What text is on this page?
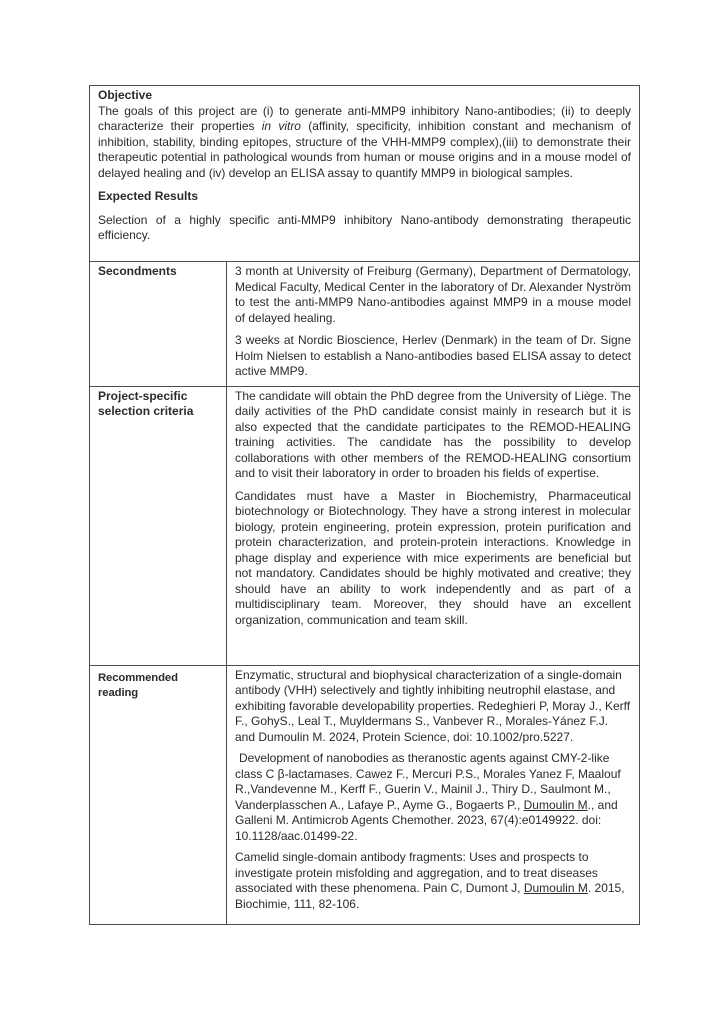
Objective

The goals of this project are (i) to generate anti-MMP9 inhibitory Nano-antibodies; (ii) to deeply characterize their properties in vitro (affinity, specificity, inhibition constant and mechanism of inhibition, stability, binding epitopes, structure of the VHH-MMP9 complex),(iii) to demonstrate their therapeutic potential in pathological wounds from human or mouse origins and in a mouse model of delayed healing and (iv) develop an ELISA assay to quantify MMP9 in biological samples.

Expected Results

Selection of a highly specific anti-MMP9 inhibitory Nano-antibody demonstrating therapeutic efficiency.	

Secondments	3 month at University of Freiburg (Germany), Department of Dermatology, Medical Faculty, Medical Center in the laboratory of Dr. Alexander Nyström to test the anti-MMP9 Nano-antibodies against MMP9 in a mouse model of delayed healing.

3 weeks at Nordic Bioscience, Herlev (Denmark) in the team of Dr. Signe Holm Nielsen to establish a Nano-antibodies based ELISA assay to detect active MMP9.

Project-specific selection criteria	The candidate will obtain the PhD degree from the University of Liège. The daily activities of the PhD candidate consist mainly in research but it is also expected that the candidate participates to the REMOD-HEALING training activities. The candidate has the possibility to develop collaborations with other members of the REMOD-HEALING consortium and to visit their laboratory in order to broaden his fields of expertise.

Candidates must have a Master in Biochemistry, Pharmaceutical biotechnology or Biotechnology. They have a strong interest in molecular biology, protein engineering, protein expression, protein purification and protein characterization, and protein-protein interactions. Knowledge in phage display and experience with mice experiments are beneficial but not mandatory. Candidates should be highly motivated and creative; they should have an ability to work independently and as part of a multidisciplinary team. Moreover, they should have an excellent organization, communication and team skill.

Recommended reading	Enzymatic, structural and biophysical characterization of a single-domain antibody (VHH) selectively and tightly inhibiting neutrophil elastase, and exhibiting favorable developability properties. Redeghieri P, Moray J., Kerff F., GohyS., Leal T., Muyldermans S., Vanbever R., Morales-Yánez F.J. and Dumoulin M. 2024, Protein Science, doi: 10.1002/pro.5227.

Development of nanobodies as theranostic agents against CMY-2-like class C β-lactamases. Cawez F., Mercuri P.S., Morales Yanez F, Maalouf R.,Vandevenne M., Kerff F., Guerin V., Mainil J., Thiry D., Saulmont M., Vanderplasschen A., Lafaye P., Ayme G., Bogaerts P., Dumoulin M., and Galleni M. Antimicrob Agents Chemother. 2023, 67(4):e0149922. doi: 10.1128/aac.01499-22.

Camelid single-domain antibody fragments: Uses and prospects to investigate protein misfolding and aggregation, and to treat diseases associated with these phenomena. Pain C, Dumont J, Dumoulin M. 2015, Biochimie, 111, 82-106.
